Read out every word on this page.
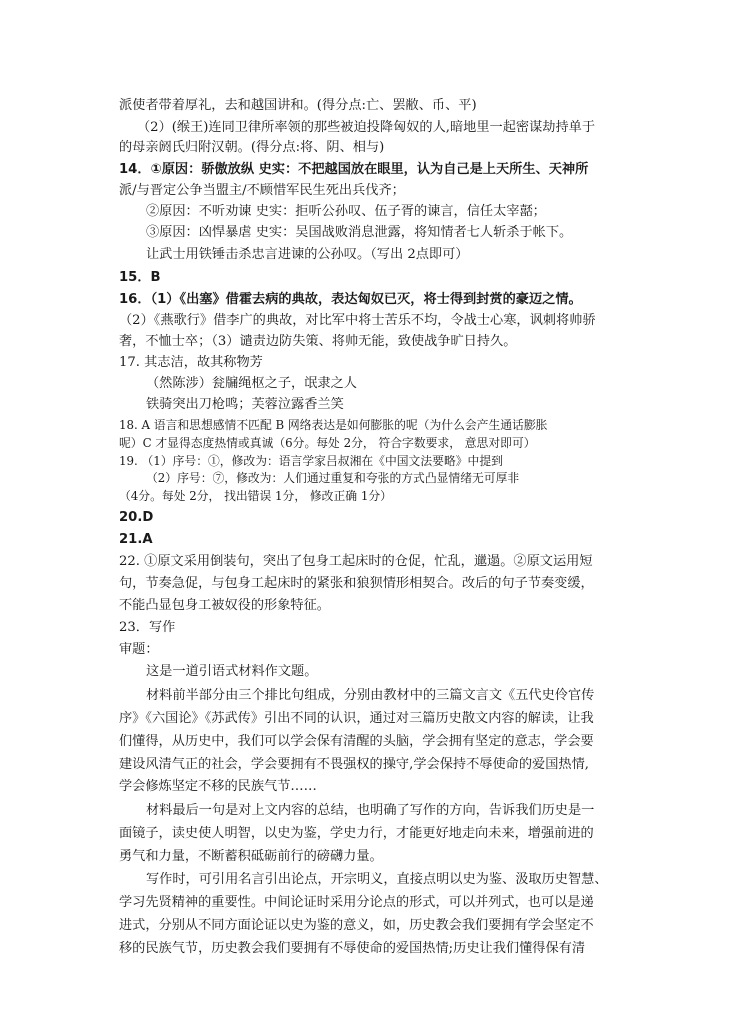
派使者带着厚礼，去和越国讲和。(得分点:亡、罢敝、币、平)
（2）(缑王)连同卫律所率领的那些被迫投降匈奴的人,暗地里一起密谋劫持单于
的母亲阏氏归附汉朝。(得分点:将、阴、相与)
14．①原因：骄傲放纵 史实：不把越国放在眼里，认为自己是上天所生、天神所
派/与晋定公争当盟主/不顾惜军民生死出兵伐齐；
②原因：不听劝谏 史实：拒听公孙叹、伍子胥的谏言，信任太宰嚭；
③原因：凶悍暴虐 史实：吴国战败消息泄露，将知情者七人斩杀于帐下。
让武士用铁锤击杀忠言进谏的公孙叹。（写出 2点即可）
15．B
16．（1）《出塞》借霍去病的典故，表达匈奴已灭，将士得到封赏的豪迈之情。
（2）《燕歌行》借李广的典故，对比军中将士苦乐不均，令战士心寒，讽刺将帅骄
奢，不恤士卒；（3）谴责边防失策、将帅无能，致使战争旷日持久。
17. 其志洁，故其称物芳
（然陈涉）瓮牖绳枢之子，氓隶之人
铁骑突出刀枪鸣；芙蓉泣露香兰笑
18. A 语言和思想感情不匹配 B 网络表达是如何膨胀的呢（为什么会产生通话膨胀
呢）C 才显得态度热情或真诚（6分。每处 2分， 符合字数要求， 意思对即可）
19. （1）序号：①，修改为：语言学家吕叔湘在《中国文法要略》中提到
（2）序号：⑦，修改为：人们通过重复和夸张的方式凸显情绪无可厚非
（4分。每处 2分， 找出错误 1分， 修改正确 1分）
20.D
21.A
22. ①原文采用倒装句，突出了包身工起床时的仓促，忙乱，邋遢。②原文运用短
句，节奏急促，与包身工起床时的紧张和狼狈情形相契合。改后的句子节奏变缓，
不能凸显包身工被奴役的形象特征。
23．写作
审题：
这是一道引语式材料作文题。
材料前半部分由三个排比句组成，分别由教材中的三篇文言文《五代史伶官传
序》《六国论》《苏武传》引出不同的认识，通过对三篇历史散文内容的解读，让我
们懂得，从历史中，我们可以学会保有清醒的头脑，学会拥有坚定的意志，学会要
建设风清气正的社会，学会要拥有不畏强权的操守,学会保持不辱使命的爱国热情,
学会修炼坚定不移的民族气节……
材料最后一句是对上文内容的总结，也明确了写作的方向，告诉我们历史是一
面镜子，读史使人明智，以史为鉴，学史力行，才能更好地走向未来，增强前进的
勇气和力量，不断蓄积砥砺前行的磅礴力量。
写作时，可引用名言引出论点，开宗明义，直接点明以史为鉴、汲取历史智慧、
学习先贤精神的重要性。中间论证时采用分论点的形式，可以并列式，也可以是递
进式，分别从不同方面论证以史为鉴的意义，如，历史教会我们要拥有学会坚定不
移的民族气节，历史教会我们要拥有不辱使命的爱国热情;历史让我们懂得保有清
